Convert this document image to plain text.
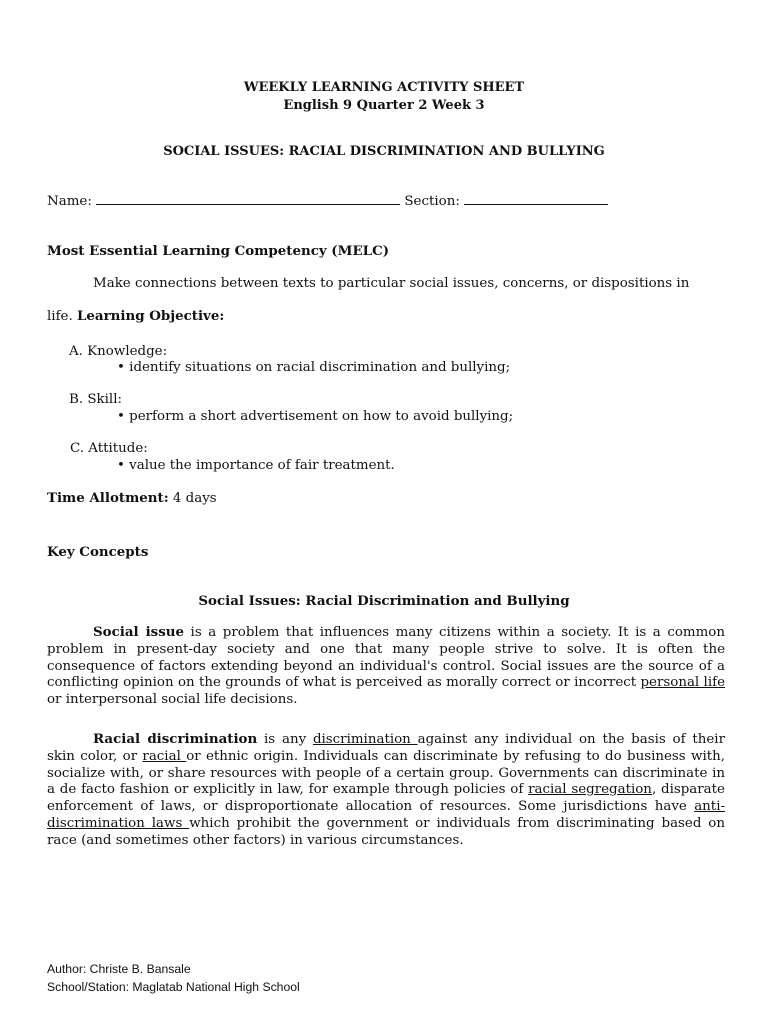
WEEKLY LEARNING ACTIVITY SHEET
English 9 Quarter 2 Week 3
SOCIAL ISSUES: RACIAL DISCRIMINATION AND BULLYING
Name:	Section:
Most Essential Learning Competency (MELC)
Make connections between texts to particular social issues, concerns, or dispositions in
life. Learning Objective:
A. Knowledge:
• identify situations on racial discrimination and bullying;
B. Skill:
• perform a short advertisement on how to avoid bullying;
C. Attitude:
• value the importance of fair treatment.
Time Allotment: 4 days
Key Concepts
Social Issues: Racial Discrimination and Bullying
Social issue is a problem that influences many citizens within a society. It is a common problem in present-day society and one that many people strive to solve. It is often the consequence of factors extending beyond an individual's control. Social issues are the source of a conflicting opinion on the grounds of what is perceived as morally correct or incorrect personal life or interpersonal social life decisions.
Racial discrimination is any discrimination against any individual on the basis of their skin color, or racial or ethnic origin. Individuals can discriminate by refusing to do business with, socialize with, or share resources with people of a certain group. Governments can discriminate in a de facto fashion or explicitly in law, for example through policies of racial segregation, disparate enforcement of laws, or disproportionate allocation of resources. Some jurisdictions have anti-discrimination laws which prohibit the government or individuals from discriminating based on race (and sometimes other factors) in various circumstances.
Author: Christe B. Bansale
School/Station: Maglatab National High School
